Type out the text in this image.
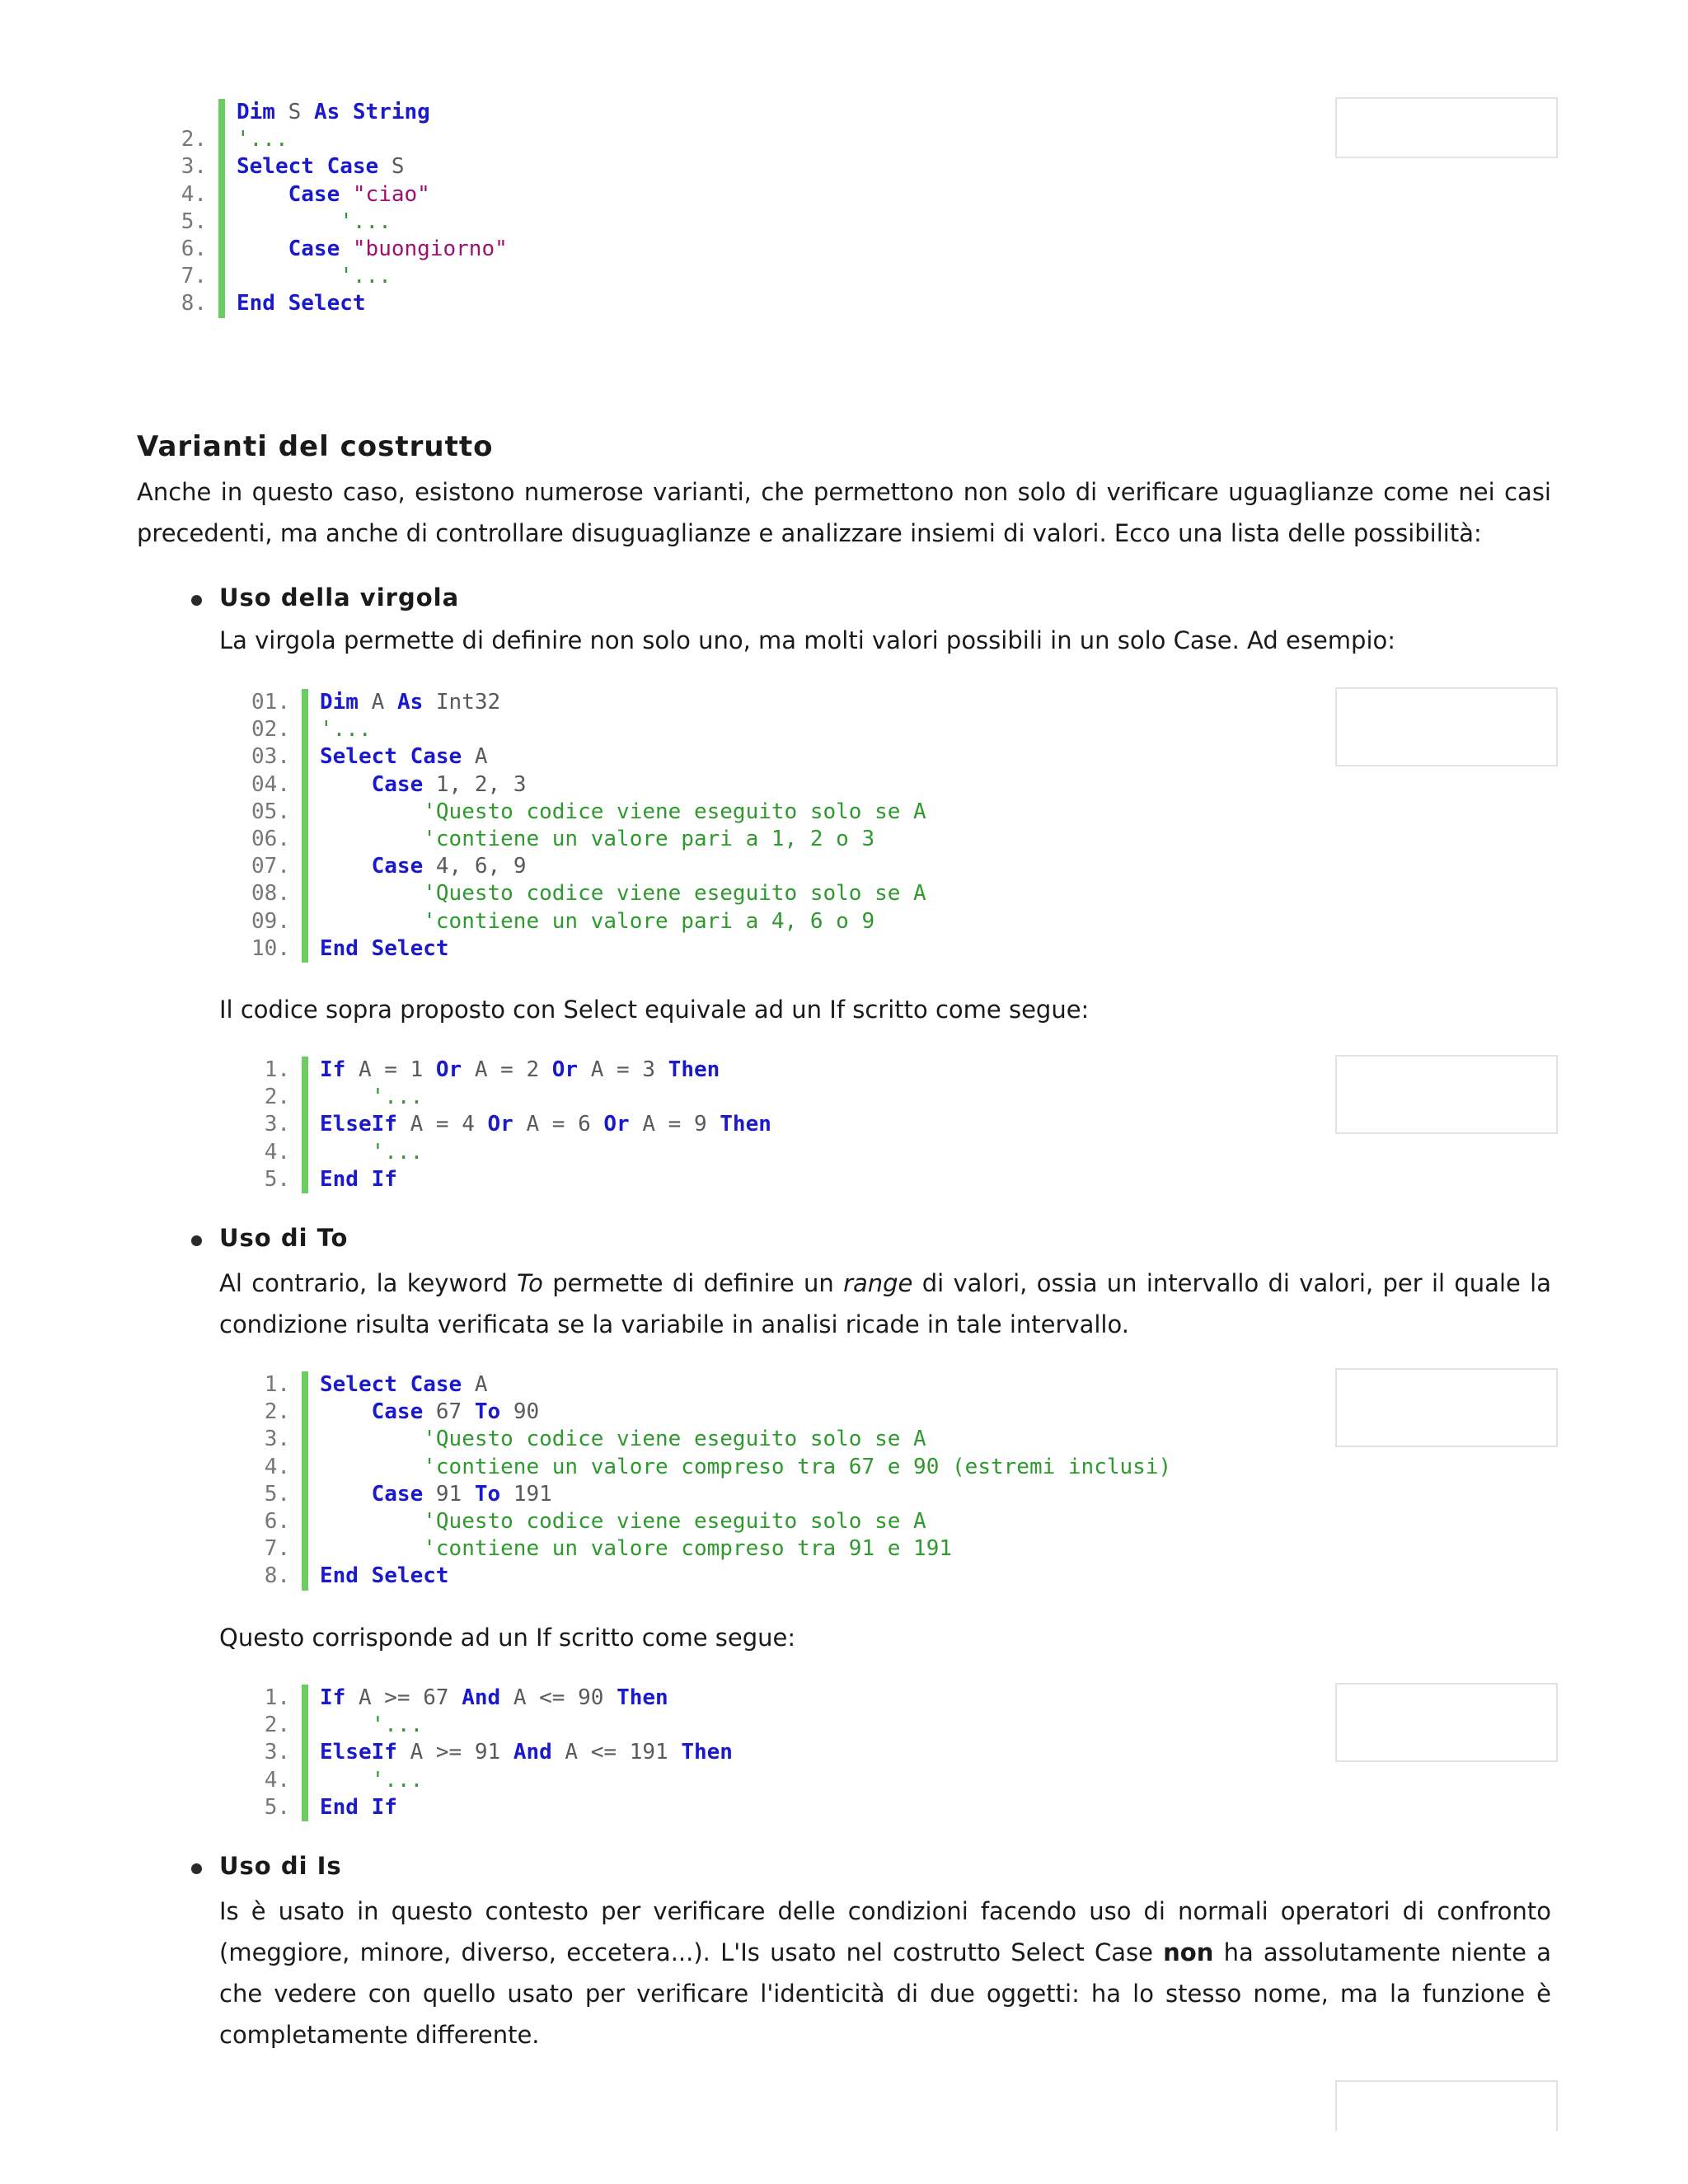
Dim S As String
2. '...
3. Select Case S
4.	Case "ciao"
5.	'...
6.	Case "buongiorno"
7.	'...
8. End Select
Varianti del costrutto
Anche in questo caso, esistono numerose varianti, che permettono non solo di verificare uguaglianze come nei casi precedenti, ma anche di controllare disuguaglianze e analizzare insiemi di valori. Ecco una lista delle possibilità:
Uso della virgola
La virgola permette di definire non solo uno, ma molti valori possibili in un solo Case. Ad esempio:
01. Dim A As Int32
02. '...
03. Select Case A
04.	Case 1, 2, 3
05.	'Questo codice viene eseguito solo se A
06.	'contiene un valore pari a 1, 2 o 3
07.	Case 4, 6, 9
08.	'Questo codice viene eseguito solo se A
09.	'contiene un valore pari a 4, 6 o 9
10. End Select
Il codice sopra proposto con Select equivale ad un If scritto come segue:
1. If A = 1 Or A = 2 Or A = 3 Then
2.	'...
3. ElseIf A = 4 Or A = 6 Or A = 9 Then
4.	'...
5. End If
Uso di To
Al contrario, la keyword To permette di definire un range di valori, ossia un intervallo di valori, per il quale la condizione risulta verificata se la variabile in analisi ricade in tale intervallo.
1. Select Case A
2.	Case 67 To 90
3.	'Questo codice viene eseguito solo se A
4.	'contiene un valore compreso tra 67 e 90 (estremi inclusi)
5.	Case 91 To 191
6.	'Questo codice viene eseguito solo se A
7.	'contiene un valore compreso tra 91 e 191
8. End Select
Questo corrisponde ad un If scritto come segue:
1. If A >= 67 And A <= 90 Then
2.	'...
3. ElseIf A >= 91 And A <= 191 Then
4.	'...
5. End If
Uso di Is
Is è usato in questo contesto per verificare delle condizioni facendo uso di normali operatori di confronto (meggiore, minore, diverso, eccetera...). L'Is usato nel costrutto Select Case non ha assolutamente niente a che vedere con quello usato per verificare l'identicità di due oggetti: ha lo stesso nome, ma la funzione è completamente differente.
